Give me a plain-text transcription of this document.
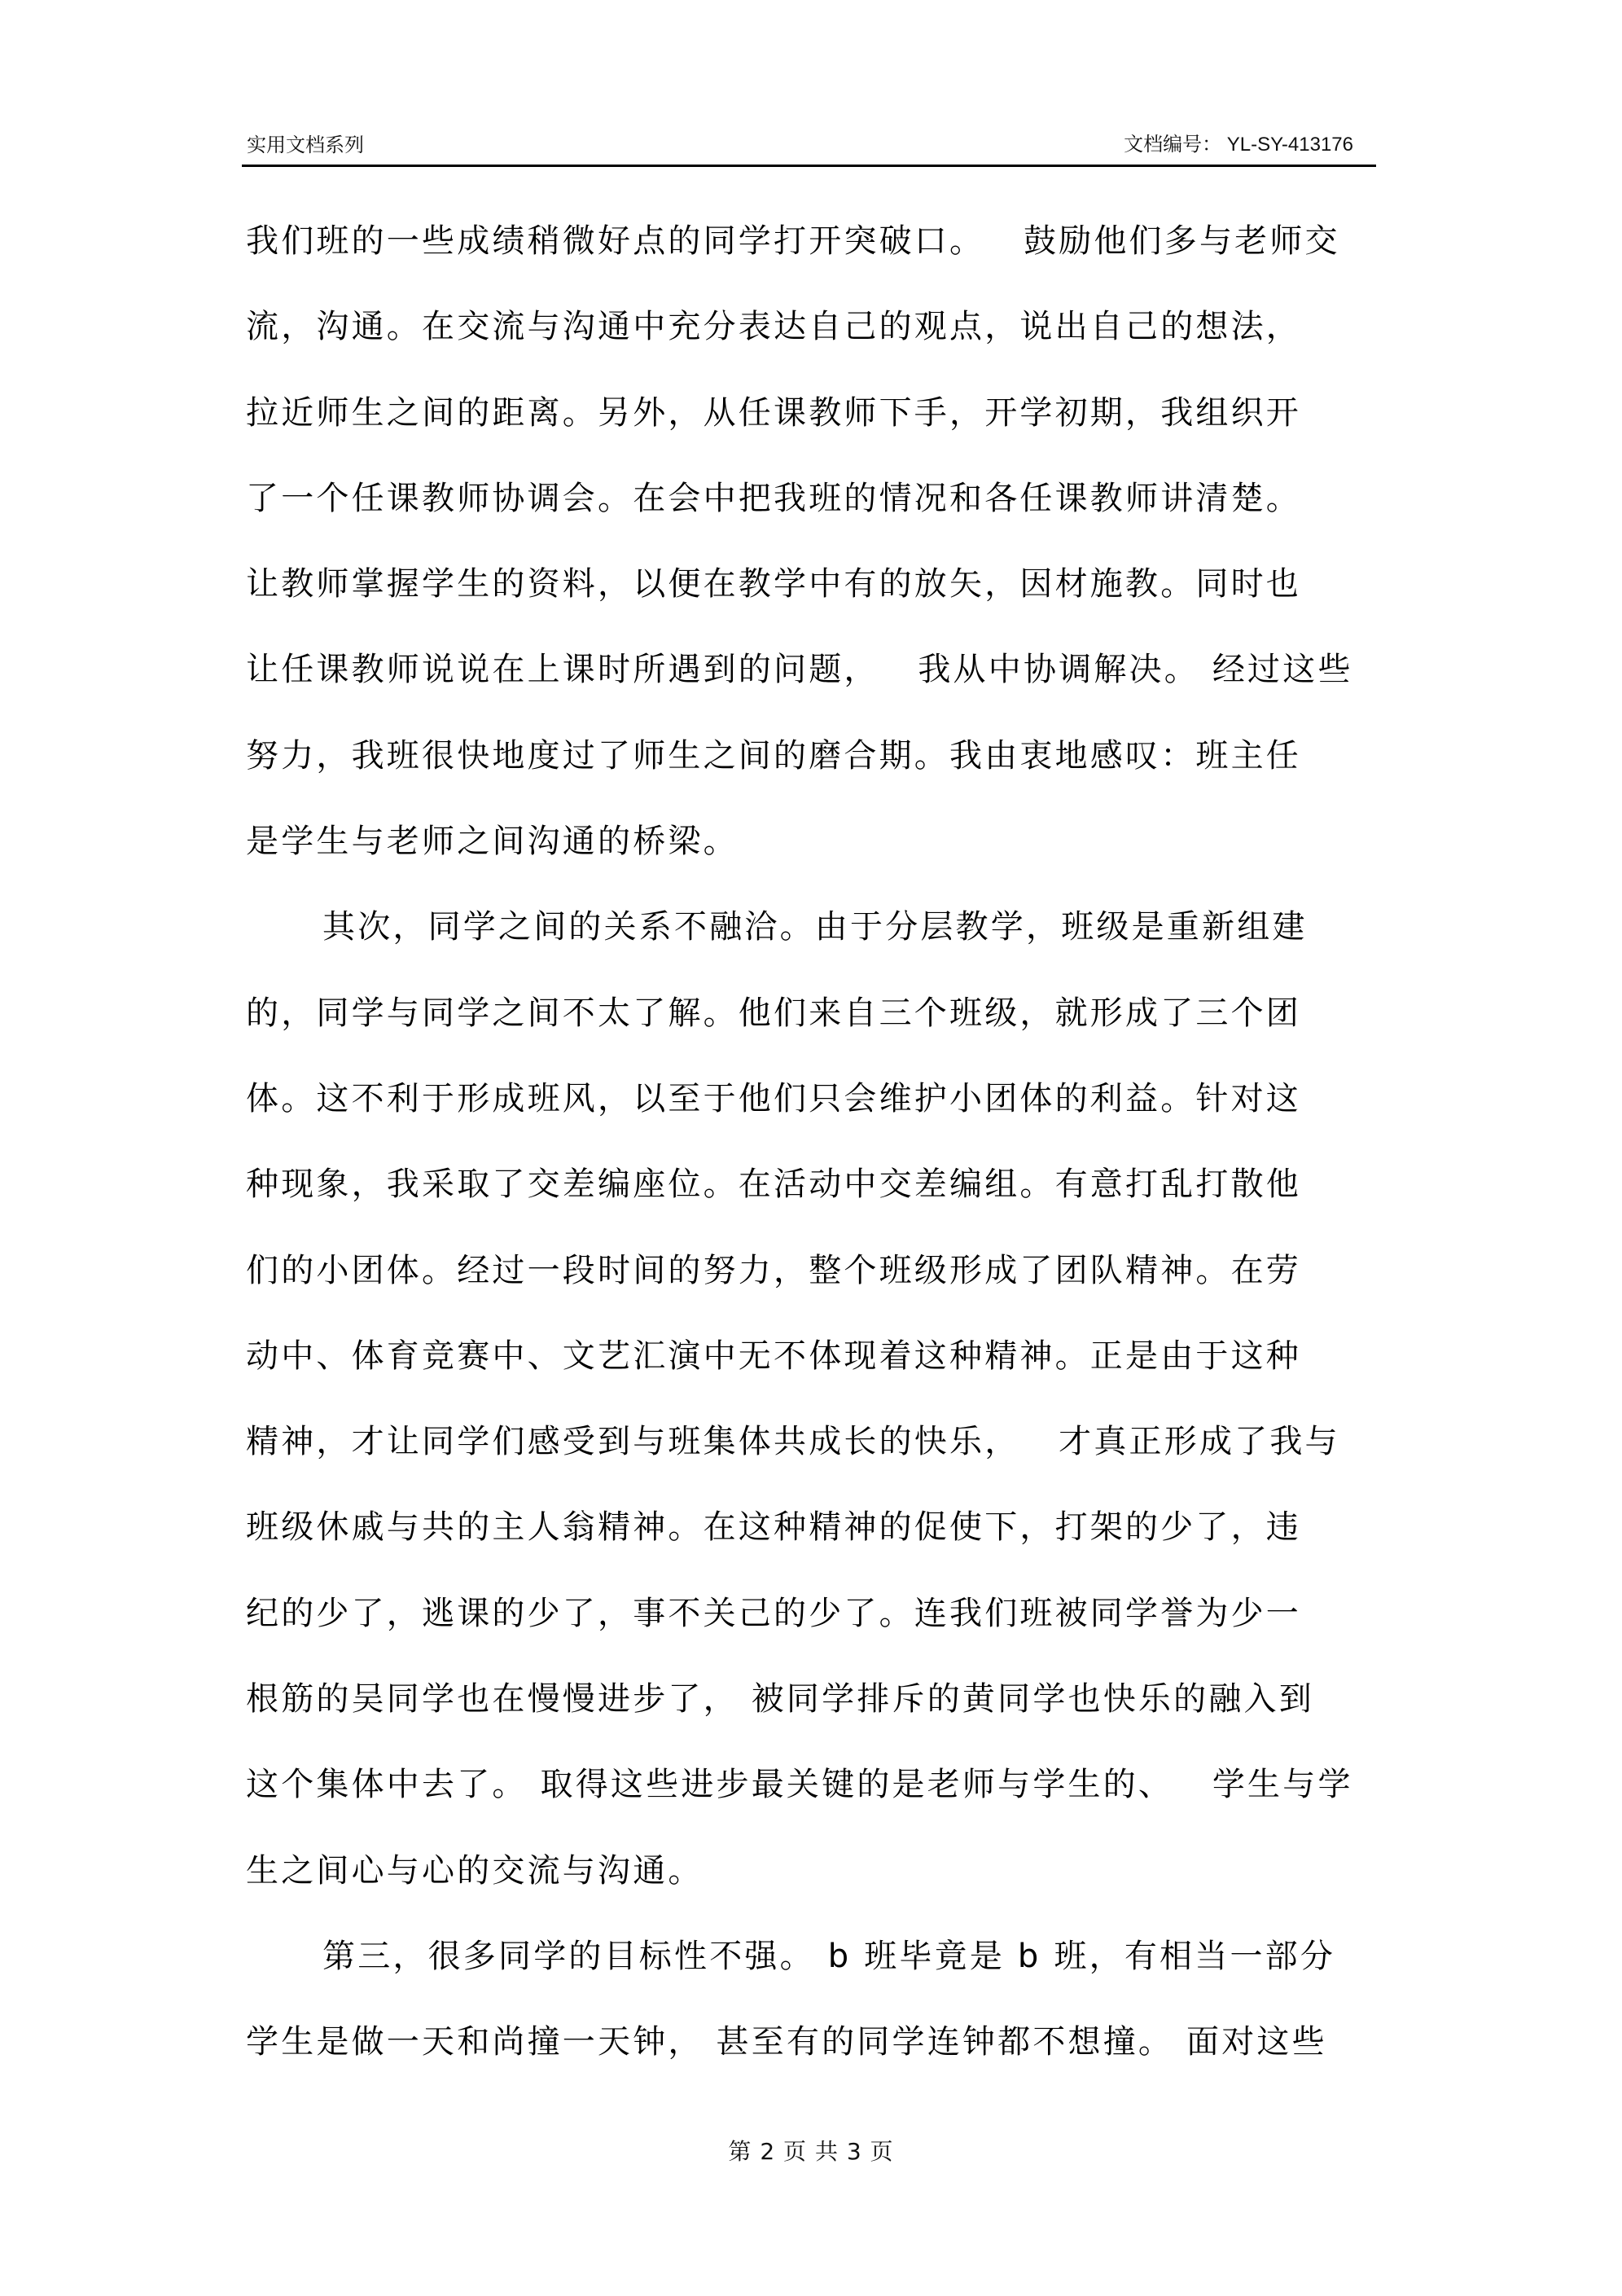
实用文档系列	文档编号： YL-SY-413176
我们班的一些成绩稍微好点的同学打开突破口。   鼓励他们多与老师交
流，沟通。在交流与沟通中充分表达自己的观点，说出自己的想法，
拉近师生之间的距离。另外，从任课教师下手，开学初期，我组织开
了一个任课教师协调会。在会中把我班的情况和各任课教师讲清楚。
让教师掌握学生的资料，以便在教学中有的放矢，因材施教。同时也
让任课教师说说在上课时所遇到的问题，   我从中协调解决。 经过这些
努力，我班很快地度过了师生之间的磨合期。我由衷地感叹：班主任
是学生与老师之间沟通的桥梁。
其次，同学之间的关系不融洽。由于分层教学，班级是重新组建
的，同学与同学之间不太了解。他们来自三个班级，就形成了三个团
体。这不利于形成班风，以至于他们只会维护小团体的利益。针对这
种现象，我采取了交差编座位。在活动中交差编组。有意打乱打散他
们的小团体。经过一段时间的努力，整个班级形成了团队精神。在劳
动中、体育竞赛中、文艺汇演中无不体现着这种精神。正是由于这种
精神，才让同学们感受到与班集体共成长的快乐，   才真正形成了我与
班级休戚与共的主人翁精神。在这种精神的促使下，打架的少了，违
纪的少了，逃课的少了，事不关己的少了。连我们班被同学誉为少一
根筋的吴同学也在慢慢进步了， 被同学排斥的黄同学也快乐的融入到
这个集体中去了。 取得这些进步最关键的是老师与学生的、   学生与学
生之间心与心的交流与沟通。
第三，很多同学的目标性不强。 b 班毕竟是 b 班，有相当一部分
学生是做一天和尚撞一天钟， 甚至有的同学连钟都不想撞。 面对这些
第 2 页 共 3 页
